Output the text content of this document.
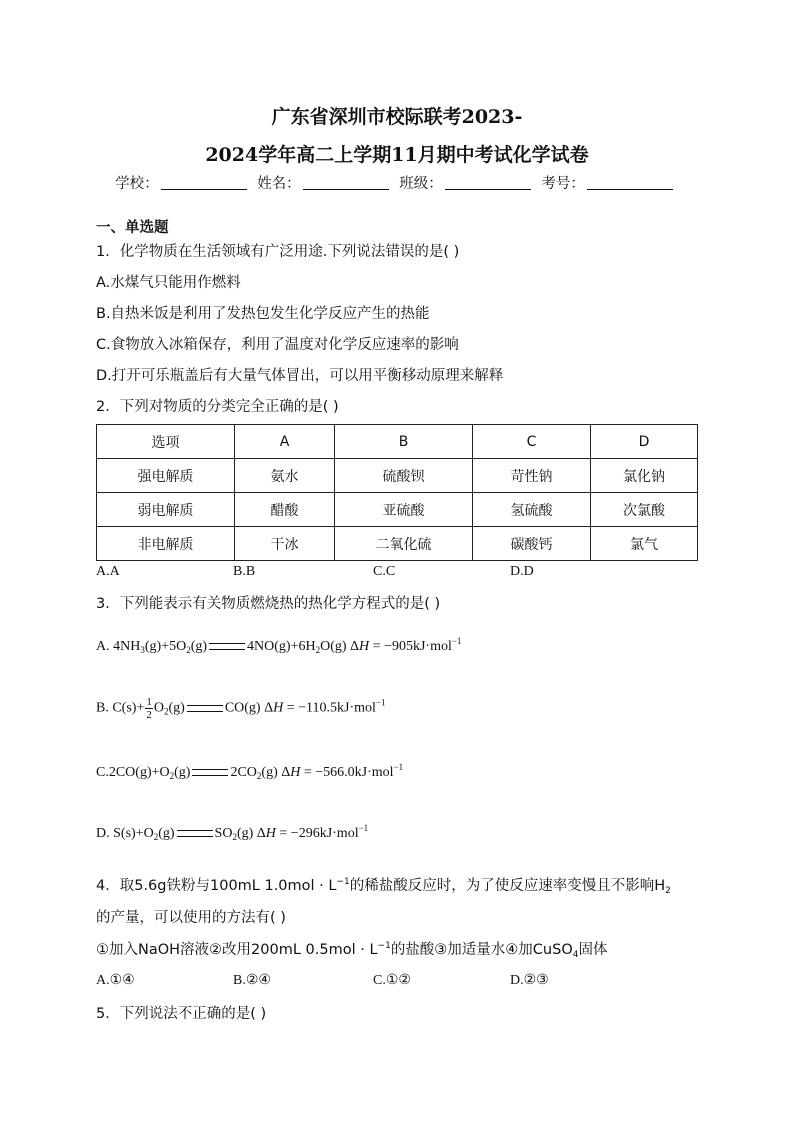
广东省深圳市校际联考2023-
2024学年高二上学期11月期中考试化学试卷
学校：	姓名：	班级：	考号：
一、单选题
1．化学物质在生活领域有广泛用途.下列说法错误的是( )
A.水煤气只能用作燃料
B.自热米饭是利用了发热包发生化学反应产生的热能
C.食物放入冰箱保存，利用了温度对化学反应速率的影响
D.打开可乐瓶盖后有大量气体冒出，可以用平衡移动原理来解释
2．下列对物质的分类完全正确的是( )
选项	A	B	C	D
强电解质	氨水	硫酸钡	苛性钠	氯化钠
弱电解质	醋酸	亚硫酸	氢硫酸	次氯酸
非电解质	干冰	二氧化硫	碳酸钙	氯气
A.A	B.B	C.C	D.D
3．下列能表示有关物质燃烧热的热化学方程式的是( )
A. $4NH_3(g)+5O_2(g)$	$4NO(g)+6H_2O(g) \Delta H = -905kJ\cdot mol^{-1}$
B. $C(s)+ \frac{1}{2} O_2(g)$	CO(g) ΔH = −110.5kJ·mol$^{-1}$
$C.2CO(g)+O_2(g)$	$2CO_2(g) \Delta H = -566.0kJ\cdot mol^{-1}$
D. $S(s)+O_2(g)$	$SO_2(g) \Delta H = -296kJ\cdot mol^{-1}$
4．取5.6g铁粉与100mL $1.0mol \cdot L^{-1}$的稀盐酸反应时，为了使反应速率变慢且不影响$H_2$
的产量，可以使用的方法有( )
①加入NaOH溶液②改用200mL $0.5mol \cdot L^{-1}$的盐酸③加适量水④加CuSO$_4$固体
A.①④	B.②④	C.①②	D.②③
5．下列说法不正确的是( )
